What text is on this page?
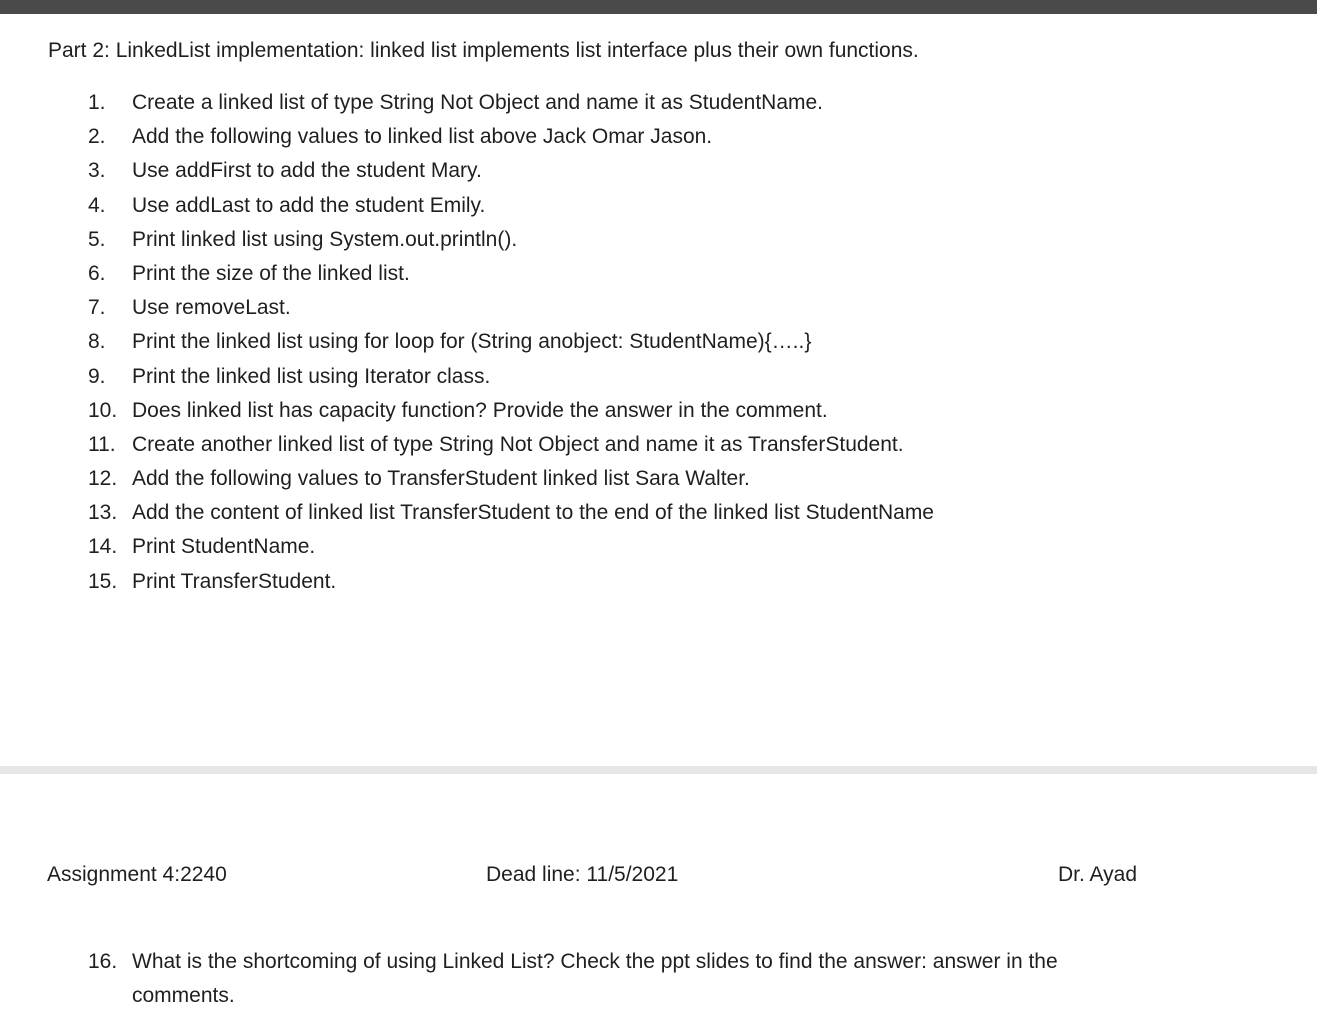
Part 2: LinkedList implementation: linked list implements list interface plus their own functions.
1. Create a linked list of type String Not Object and name it as StudentName.
2. Add the following values to linked list above Jack Omar Jason.
3. Use addFirst to add the student Mary.
4. Use addLast to add the student Emily.
5. Print linked list using System.out.println().
6. Print the size of the linked list.
7. Use removeLast.
8. Print the linked list using for loop for (String anobject: StudentName){…..}
9. Print the linked list using Iterator class.
10. Does linked list has capacity function? Provide the answer in the comment.
11. Create another linked list of type String Not Object and name it as TransferStudent.
12. Add the following values to TransferStudent linked list Sara Walter.
13. Add the content of linked list TransferStudent to the end of the linked list StudentName
14. Print StudentName.
15. Print TransferStudent.
Assignment 4:2240	Dead line: 11/5/2021	Dr. Ayad
16. What is the shortcoming of using Linked List? Check the ppt slides to find the answer: answer in the comments.
